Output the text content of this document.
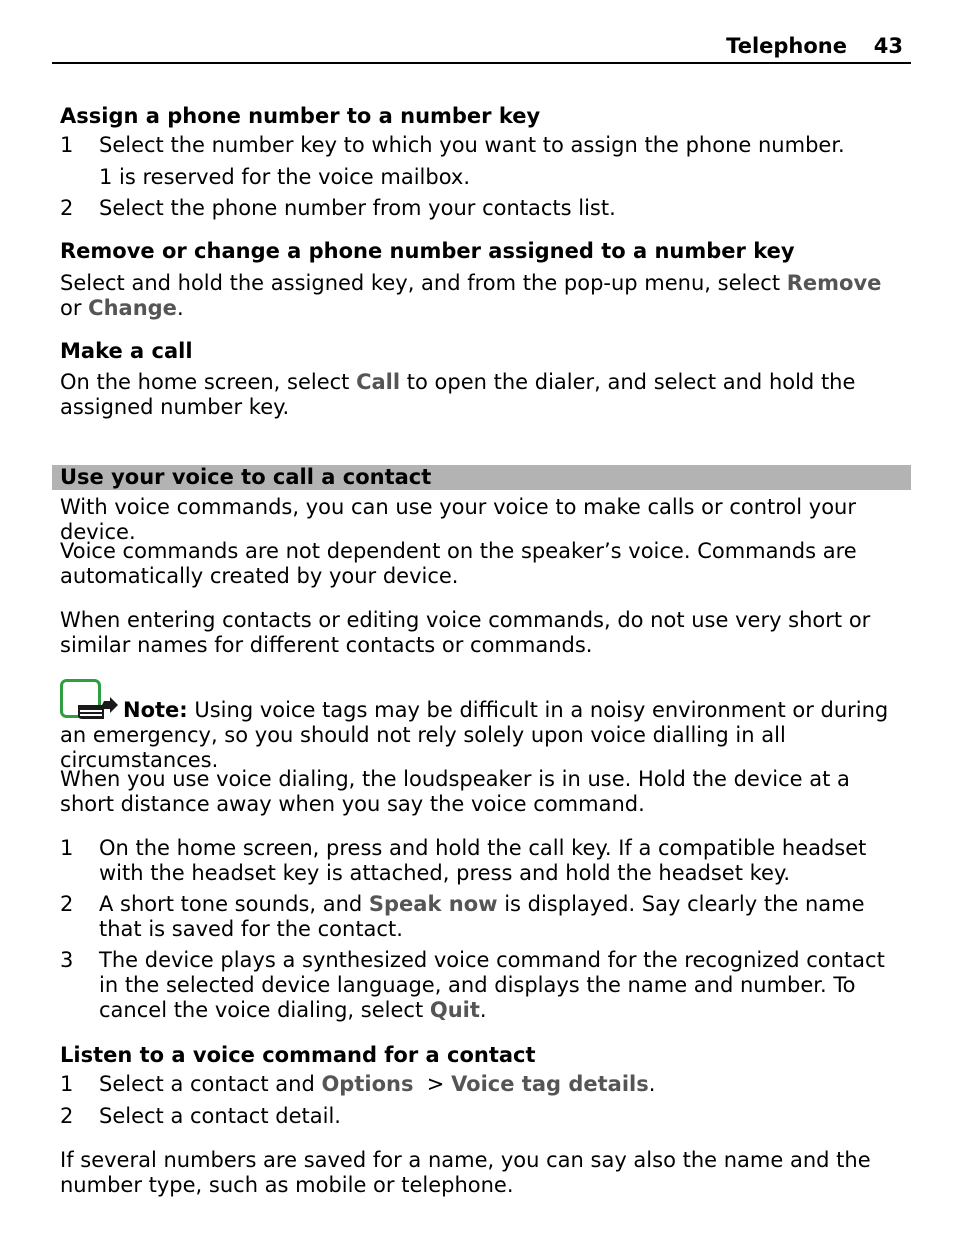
Telephone 43
Assign a phone number to a number key
1	Select the number key to which you want to assign the phone number.
1 is reserved for the voice mailbox.
2	Select the phone number from your contacts list.
Remove or change a phone number assigned to a number key
Select and hold the assigned key, and from the pop-up menu, select Remove or Change.
Make a call
On the home screen, select Call to open the dialer, and select and hold the assigned number key.
Use your voice to call a contact
With voice commands, you can use your voice to make calls or control your device.
Voice commands are not dependent on the speaker’s voice. Commands are automatically created by your device.
When entering contacts or editing voice commands, do not use very short or similar names for different contacts or commands.
Note: Using voice tags may be difficult in a noisy environment or during an emergency, so you should not rely solely upon voice dialling in all circumstances.
When you use voice dialing, the loudspeaker is in use. Hold the device at a short distance away when you say the voice command.
1	On the home screen, press and hold the call key. If a compatible headset with the headset key is attached, press and hold the headset key.
2	A short tone sounds, and Speak now is displayed. Say clearly the name that is saved for the contact.
3	The device plays a synthesized voice command for the recognized contact in the selected device language, and displays the name and number. To cancel the voice dialing, select Quit.
Listen to a voice command for a contact
1	Select a contact and Options  > Voice tag details.
2	Select a contact detail.
If several numbers are saved for a name, you can say also the name and the number type, such as mobile or telephone.
